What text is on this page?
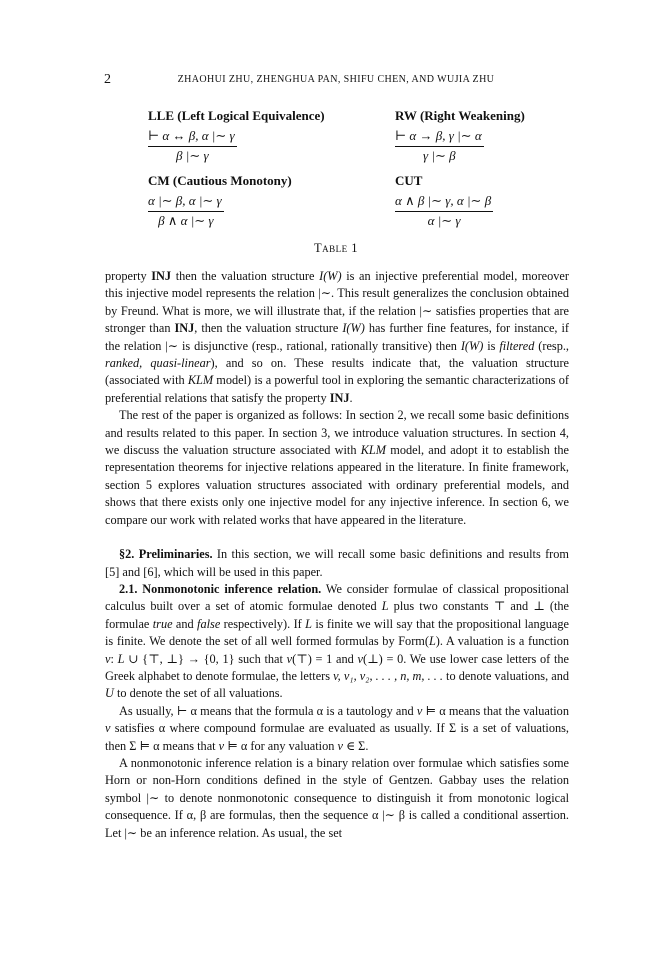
2	ZHAOHUI ZHU, ZHENGHUA PAN, SHIFU CHEN, AND WUJIA ZHU
LLE (Left Logical Equivalence)
$\frac{⊢ \alpha \leftrightarrow \beta, \alpha |\sim \gamma}{\beta |\sim \gamma}$
RW (Right Weakening)
$\frac{⊢ \alpha \to \beta, \gamma |\sim \alpha}{\gamma |\sim \beta}$
CM (Cautious Monotony)
$\frac{\alpha |\sim \beta, \alpha |\sim \gamma}{\beta \wedge \alpha |\sim \gamma}$
CUT
$\frac{\alpha \wedge \beta |\sim \gamma, \alpha |\sim \beta}{\alpha |\sim \gamma}$
Table 1

property INJ then the valuation structure I(W) is an injective preferential model, moreover this injective model represents the relation |∼. This result generalizes the conclusion obtained by Freund. What is more, we will illustrate that, if the relation |∼ satisfies properties that are stronger than INJ, then the valuation structure I(W) has further fine features, for instance, if the relation |∼ is disjunctive (resp., rational, rationally transitive) then I(W) is filtered (resp., ranked, quasi-linear), and so on. These results indicate that, the valuation structure (associated with KLM model) is a powerful tool in exploring the semantic characterizations of preferential relations that satisfy the property INJ.

The rest of the paper is organized as follows: In section 2, we recall some basic definitions and results related to this paper. In section 3, we introduce valuation structures. In section 4, we discuss the valuation structure associated with KLM model, and adopt it to establish the representation theorems for injective relations appeared in the literature. In finite framework, section 5 explores valuation structures associated with ordinary preferential models, and shows that there exists only one injective model for any injective inference. In section 6, we compare our work with related works that have appeared in the literature.

§2. Preliminaries. In this section, we will recall some basic definitions and results from [5] and [6], which will be used in this paper.

2.1. Nonmonotonic inference relation. We consider formulae of classical propositional calculus built over a set of atomic formulae denoted L plus two constants ⊤ and ⊥ (the formulae true and false respectively). If L is finite we will say that the propositional language is finite. We denote the set of all well formed formulas by Form(L). A valuation is a function v: L ∪ {⊤, ⊥} → {0, 1} such that v(⊤) = 1 and v(⊥) = 0. We use lower case letters of the Greek alphabet to denote formulae, the letters v, v₁, v₂, . . . , n, m, . . . to denote valuations, and U to denote the set of all valuations.

As usually, ⊢ α means that the formula α is a tautology and v ⊨ α means that the valuation v satisfies α where compound formulae are evaluated as usually. If Σ is a set of valuations, then Σ ⊨ α means that v ⊨ α for any valuation v ∈ Σ.

A nonmonotonic inference relation is a binary relation over formulae which satisfies some Horn or non-Horn conditions defined in the style of Gentzen. Gabbay uses the relation symbol |∼ to denote nonmonotonic consequence to distinguish it from monotonic logical consequence. If α, β are formulas, then the sequence α |∼ β is called a conditional assertion. Let |∼ be an inference relation. As usual, the set
